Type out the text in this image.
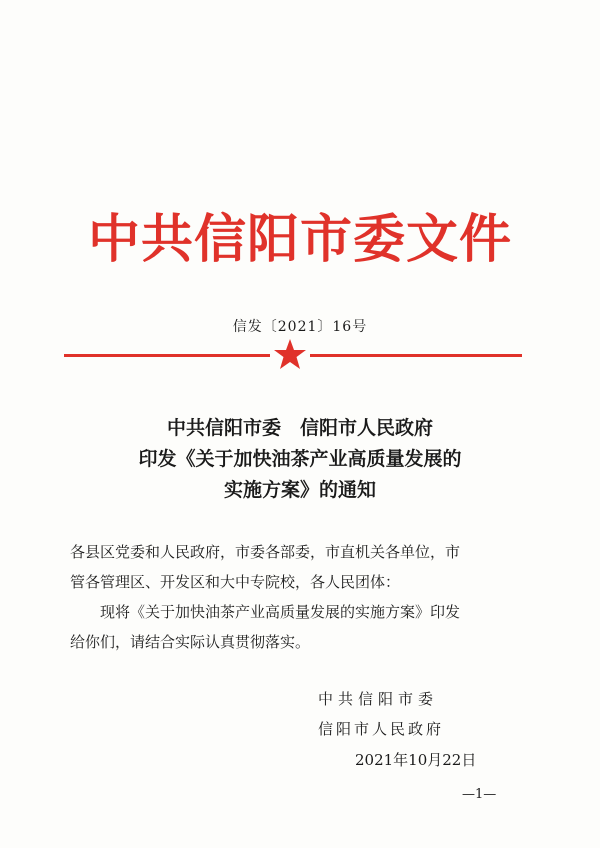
中共信阳市委文件
信发〔2021〕16号
中共信阳市委　信阳市人民政府
印发《关于加快油茶产业高质量发展的
实施方案》的通知
各县区党委和人民政府，市委各部委，市直机关各单位，市
管各管理区、开发区和大中专院校，各人民团体：
现将《关于加快油茶产业高质量发展的实施方案》印发
给你们，请结合实际认真贯彻落实。
中共信阳市委
信阳市人民政府
2021年10月22日
—1—
